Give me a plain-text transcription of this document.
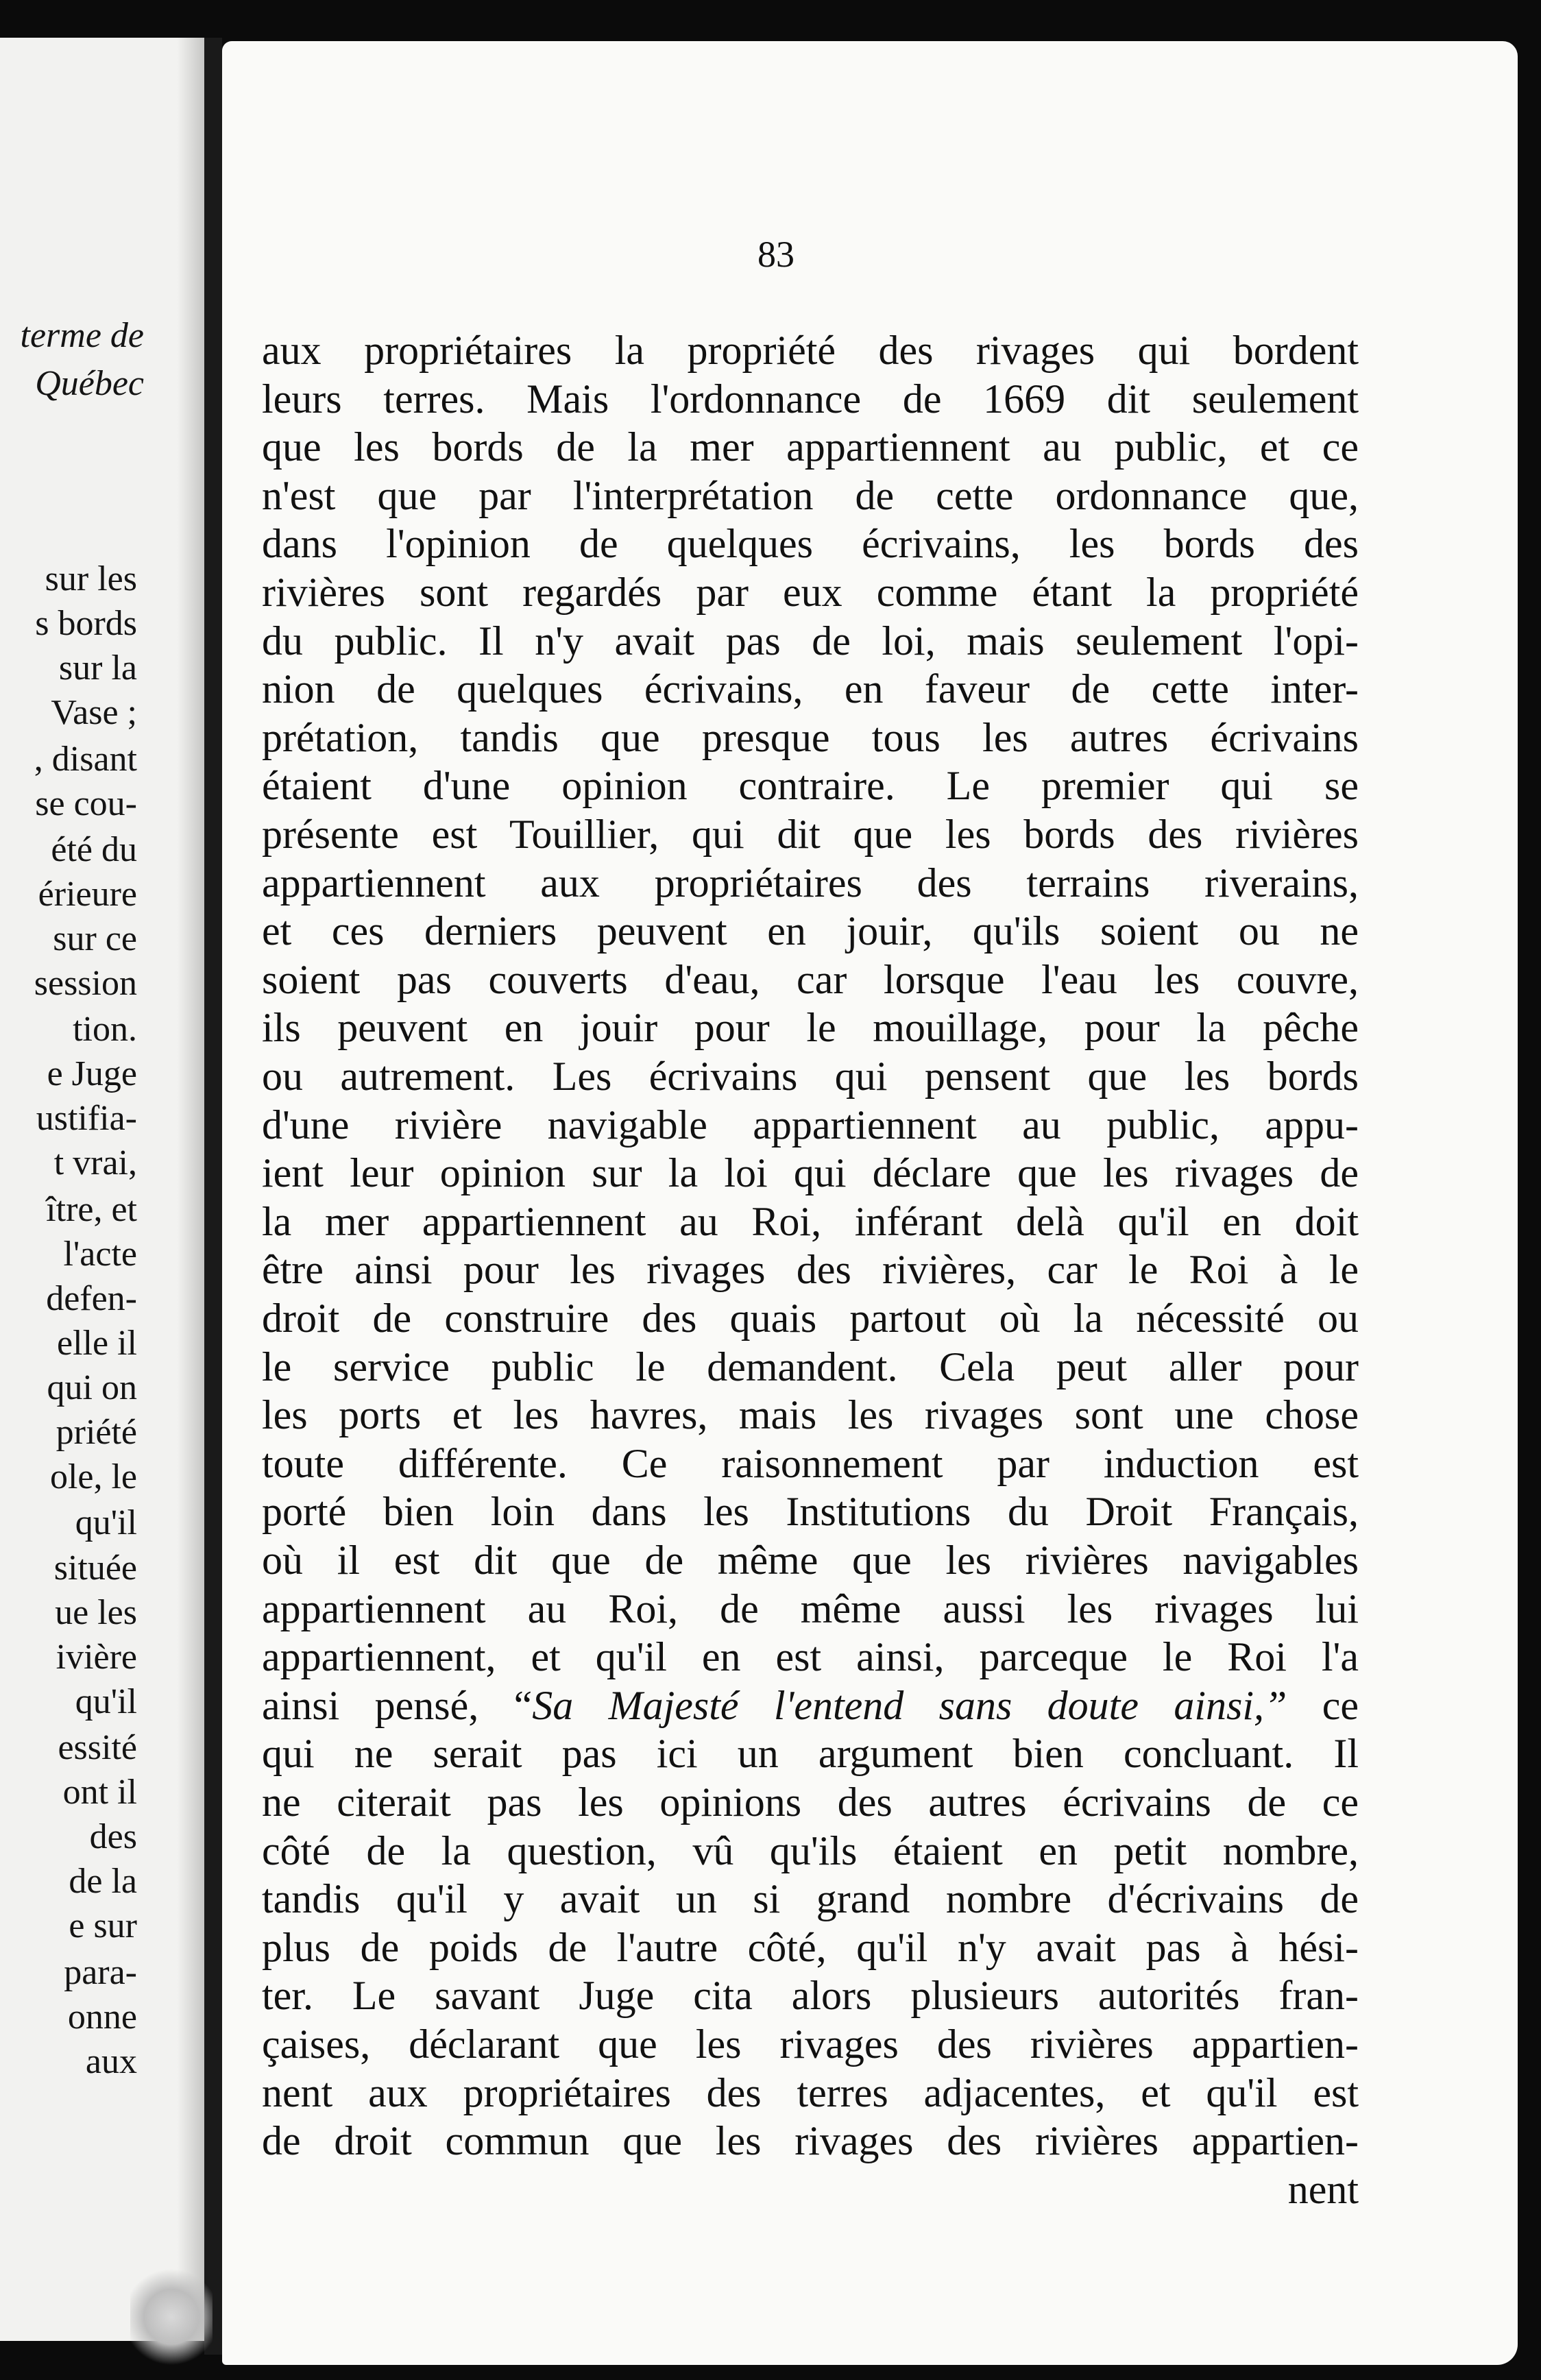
terme de
Québec
sur les
s bords
sur la
Vase ;
, disant
se cou-
été du
érieure
sur ce
session
tion.
e Juge
ustifia-
t vrai,
ître, et
l'acte
defen-
elle il
qui on
priété
ole, le
qu'il
située
ue les
ivière
qu'il
essité
ont il
des
de la
e sur
para-
onne
aux
83
aux propriétaires la propriété des rivages qui bordent
leurs terres. Mais l'ordonnance de 1669 dit seulement
que les bords de la mer appartiennent au public, et ce
n'est que par l'interprétation de cette ordonnance que,
dans l'opinion de quelques écrivains, les bords des
rivières sont regardés par eux comme étant la propriété
du public. Il n'y avait pas de loi, mais seulement l'opi-
nion de quelques écrivains, en faveur de cette inter-
prétation, tandis que presque tous les autres écrivains
étaient d'une opinion contraire. Le premier qui se
présente est Touillier, qui dit que les bords des rivières
appartiennent aux propriétaires des terrains riverains,
et ces derniers peuvent en jouir, qu'ils soient ou ne
soient pas couverts d'eau, car lorsque l'eau les couvre,
ils peuvent en jouir pour le mouillage, pour la pêche
ou autrement. Les écrivains qui pensent que les bords
d'une rivière navigable appartiennent au public, appu-
ient leur opinion sur la loi qui déclare que les rivages de
la mer appartiennent au Roi, inférant delà qu'il en doit
être ainsi pour les rivages des rivières, car le Roi à le
droit de construire des quais partout où la nécessité ou
le service public le demandent. Cela peut aller pour
les ports et les havres, mais les rivages sont une chose
toute différente. Ce raisonnement par induction est
porté bien loin dans les Institutions du Droit Français,
où il est dit que de même que les rivières navigables
appartiennent au Roi, de même aussi les rivages lui
appartiennent, et qu'il en est ainsi, parceque le Roi l'a
ainsi pensé, “Sa Majesté l'entend sans doute ainsi,” ce
qui ne serait pas ici un argument bien concluant. Il
ne citerait pas les opinions des autres écrivains de ce
côté de la question, vû qu'ils étaient en petit nombre,
tandis qu'il y avait un si grand nombre d'écrivains de
plus de poids de l'autre côté, qu'il n'y avait pas à hési-
ter. Le savant Juge cita alors plusieurs autorités fran-
çaises, déclarant que les rivages des rivières appartien-
nent aux propriétaires des terres adjacentes, et qu'il est
de droit commun que les rivages des rivières appartien-
nent
